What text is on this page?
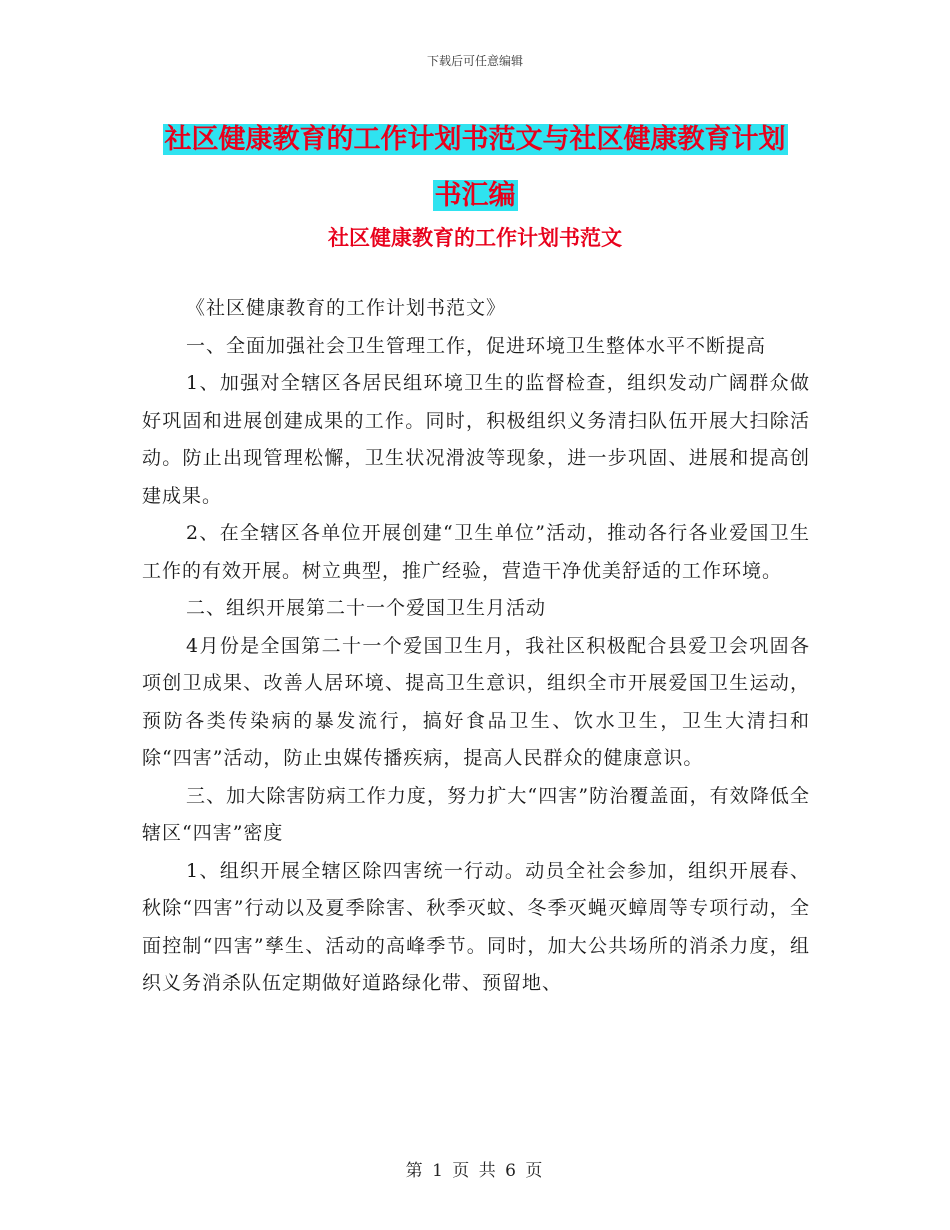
下载后可任意编辑
社区健康教育的工作计划书范文与社区健康教育计划
书汇编
社区健康教育的工作计划书范文

《社区健康教育的工作计划书范文》

一、全面加强社会卫生管理工作，促进环境卫生整体水平不断提高

1、加强对全辖区各居民组环境卫生的监督检查，组织发动广阔群众做好巩固和进展创建成果的工作。同时，积极组织义务清扫队伍开展大扫除活动。防止出现管理松懈，卫生状况滑波等现象，进一步巩固、进展和提高创建成果。

2、在全辖区各单位开展创建“卫生单位”活动，推动各行各业爱国卫生工作的有效开展。树立典型，推广经验，营造干净优美舒适的工作环境。

二、组织开展第二十一个爱国卫生月活动

4月份是全国第二十一个爱国卫生月，我社区积极配合县爱卫会巩固各项创卫成果、改善人居环境、提高卫生意识，组织全市开展爱国卫生运动，预防各类传染病的暴发流行，搞好食品卫生、饮水卫生，卫生大清扫和除“四害”活动，防止虫媒传播疾病，提高人民群众的健康意识。

三、加大除害防病工作力度，努力扩大“四害”防治覆盖面，有效降低全辖区“四害”密度

1、组织开展全辖区除四害统一行动。动员全社会参加，组织开展春、秋除“四害”行动以及夏季除害、秋季灭蚊、冬季灭蝇灭蟑周等专项行动，全面控制“四害”孳生、活动的高峰季节。同时，加大公共场所的消杀力度，组织义务消杀队伍定期做好道路绿化带、预留地、

第 1 页 共 6 页
